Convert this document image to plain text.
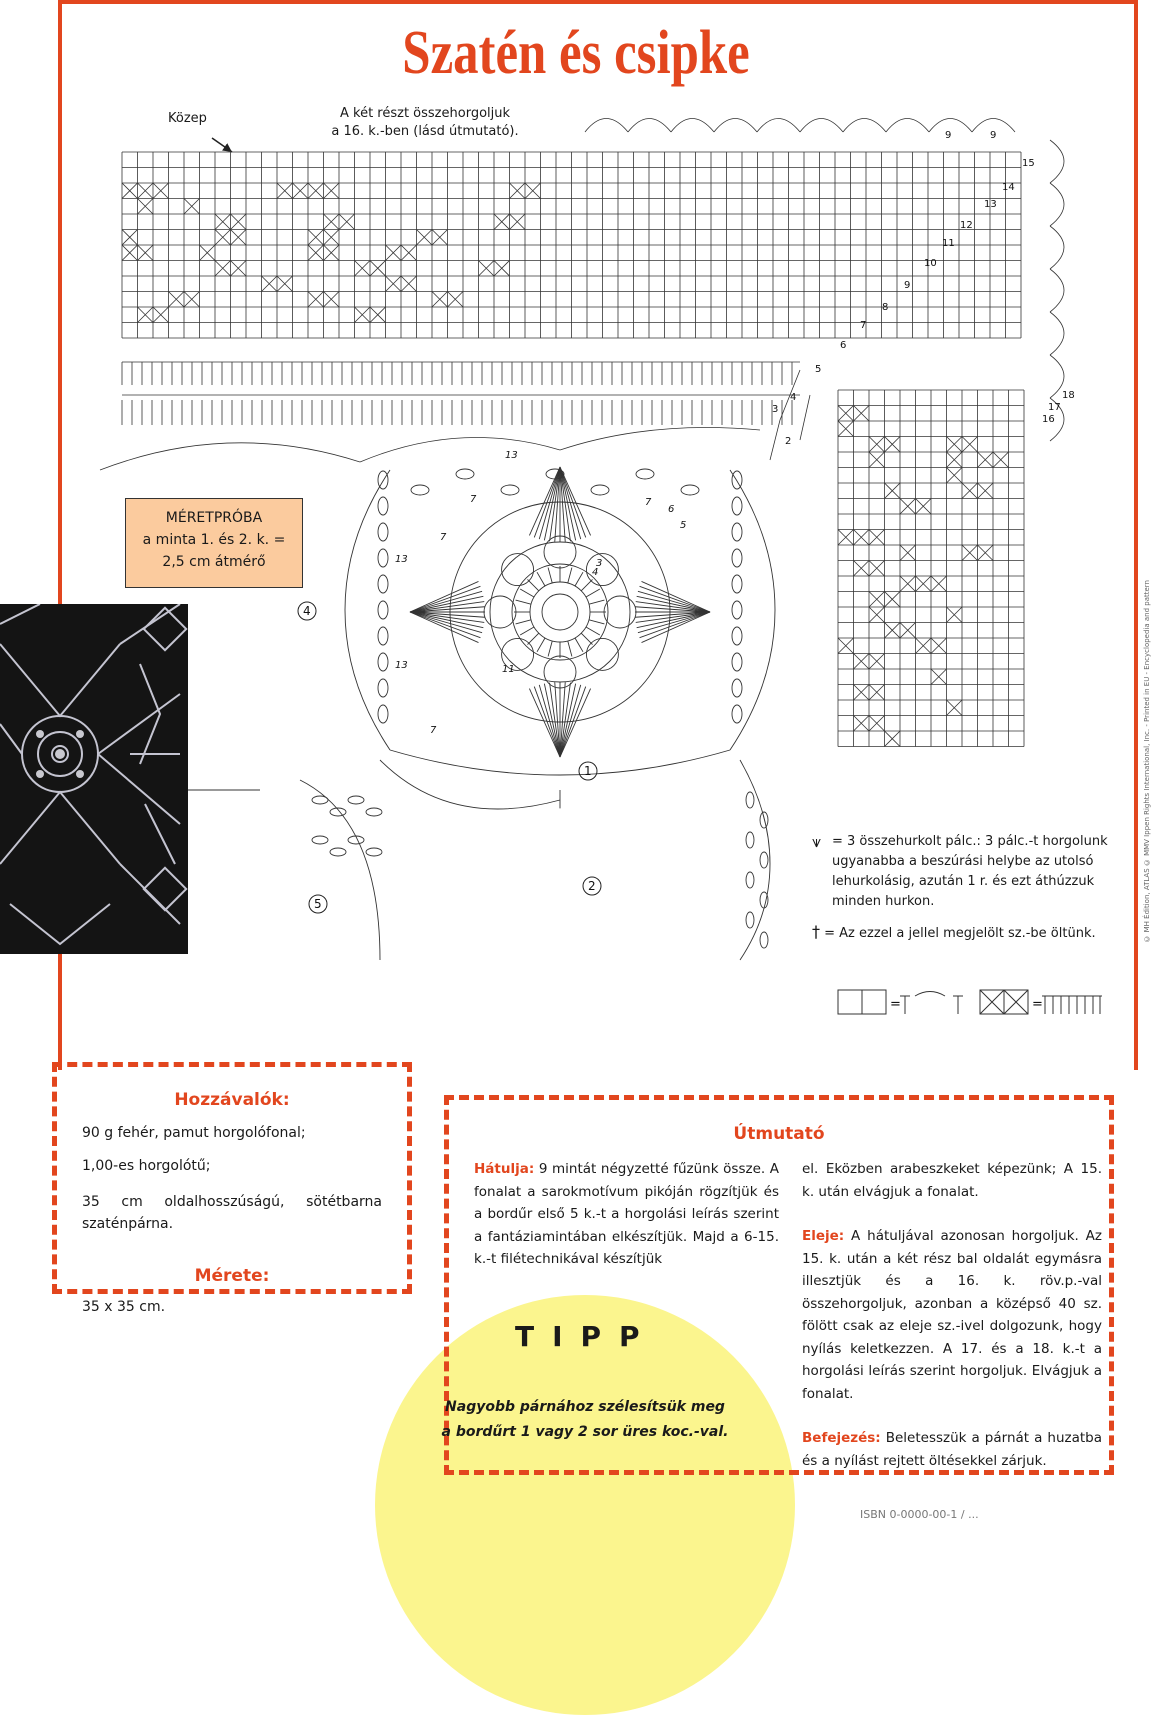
Szatén és csipke
Közep	A két részt összehorgoljuk
a 16. k.-ben (lásd útmutató).	9	9
15
14
13
12
11
10
9
8
7
6
5
4
3
2
16
17
18
13
13
13
7
7
7
6
5
4
3
11
7
1
2
4
5
=	=
MÉRETPRÓBA
a minta 1. és 2. k. =
2,5 cm átmérő
⩛ = 3 összehurkolt pálc.: 3 pálc.-t horgolunk

ugyanabba a beszúrási helybe az utolsó

lehurkolásig, azután 1 r. és ezt áthúzzuk

minden hurkon.

† = Az ezzel a jellel megjelölt sz.-be öltünk.
Hozzávalók:
90 g fehér, pamut horgolófonal;
1,00-es horgolótű;
35 cm oldalhosszúságú, sötétbarna szaténpárna.
Mérete:
35 x 35 cm.
Útmutató
Hátulja: 9 mintát négyzetté fűzünk össze. A fonalat a sarokmotívum pikóján rögzítjük és a bordűr első 5 k.-t a horgolási leírás szerint a fantáziamintában elkészítjük. Majd a 6-15. k.-t filétechnikával készítjük
el. Eközben arabeszkeket képezünk; A 15. k. után elvágjuk a fonalat.
Eleje: A hátuljával azonosan horgoljuk. Az 15. k. után a két rész bal oldalát egymásra illesztjük és a 16. k. röv.p.-val összehorgoljuk, azonban a középső 40 sz. fölött csak az eleje sz.-ivel dolgozunk, hogy nyílás keletkezzen. A 17. és a 18. k.-t a horgolási leírás szerint horgoljuk. Elvágjuk a fonalat.
Befejezés: Beletesszük a párnát a huzatba és a nyílást rejtett öltésekkel zárjuk.
TIPP
Nagyobb párnához szélesítsük meg a bordűrt 1 vagy 2 sor üres koc.-val.
© MH Édition, ATLAS © MMV Ippen Rights International, Inc. - Printed in EU - Encyclopedia and pattern
ISBN 0-0000-00-1 / ...
